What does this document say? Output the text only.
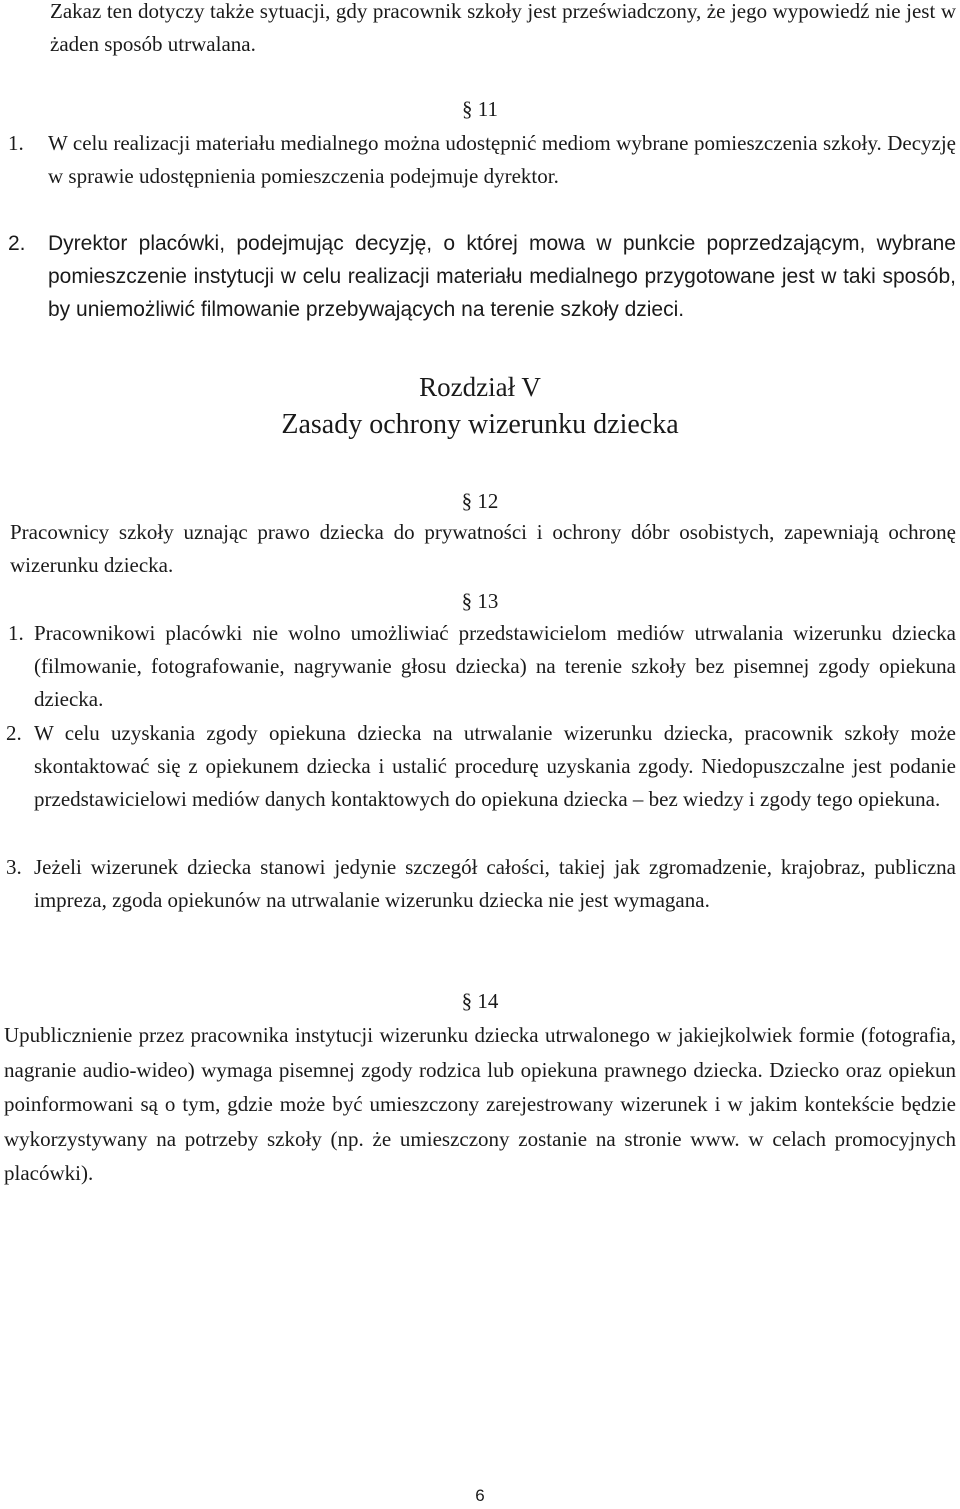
Zakaz ten dotyczy także sytuacji, gdy pracownik szkoły jest przeświadczony, że jego wypowiedź nie jest w żaden sposób utrwalana.

§ 11
1. W celu realizacji materiału medialnego można udostępnić mediom wybrane pomieszczenia szkoły. Decyzję w sprawie udostępnienia pomieszczenia podejmuje dyrektor.

2. Dyrektor placówki, podejmując decyzję, o której mowa w punkcie poprzedzającym, wybrane pomieszczenie instytucji w celu realizacji materiału medialnego przygotowane jest w taki sposób, by uniemożliwić filmowanie przebywających na terenie szkoły dzieci.

Rozdział V
Zasady ochrony wizerunku dziecka
§ 12

Pracownicy szkoły uznając prawo dziecka do prywatności i ochrony dóbr osobistych, zapewniają ochronę wizerunku dziecka.

§ 13
1. Pracownikowi placówki nie wolno umożliwiać przedstawicielom mediów utrwalania wizerunku dziecka (filmowanie, fotografowanie, nagrywanie głosu dziecka) na terenie szkoły bez pisemnej zgody opiekuna dziecka.

2. W celu uzyskania zgody opiekuna dziecka na utrwalanie wizerunku dziecka, pracownik szkoły może skontaktować się z opiekunem dziecka i ustalić procedurę uzyskania zgody. Niedopuszczalne jest podanie przedstawicielowi mediów danych kontaktowych do opiekuna dziecka – bez wiedzy i zgody tego opiekuna.

3. Jeżeli wizerunek dziecka stanowi jedynie szczegół całości, takiej jak zgromadzenie, krajobraz, publiczna impreza, zgoda opiekunów na utrwalanie wizerunku dziecka nie jest wymagana.

§ 14

Upublicznienie przez pracownika instytucji wizerunku dziecka utrwalonego w jakiejkolwiek formie (fotografia, nagranie audio-wideo) wymaga pisemnej zgody rodzica lub opiekuna prawnego dziecka. Dziecko oraz opiekun poinformowani są o tym, gdzie może być umieszczony zarejestrowany wizerunek i w jakim kontekście będzie wykorzystywany na potrzeby szkoły (np. że umieszczony zostanie na stronie www. w celach promocyjnych placówki).

6
